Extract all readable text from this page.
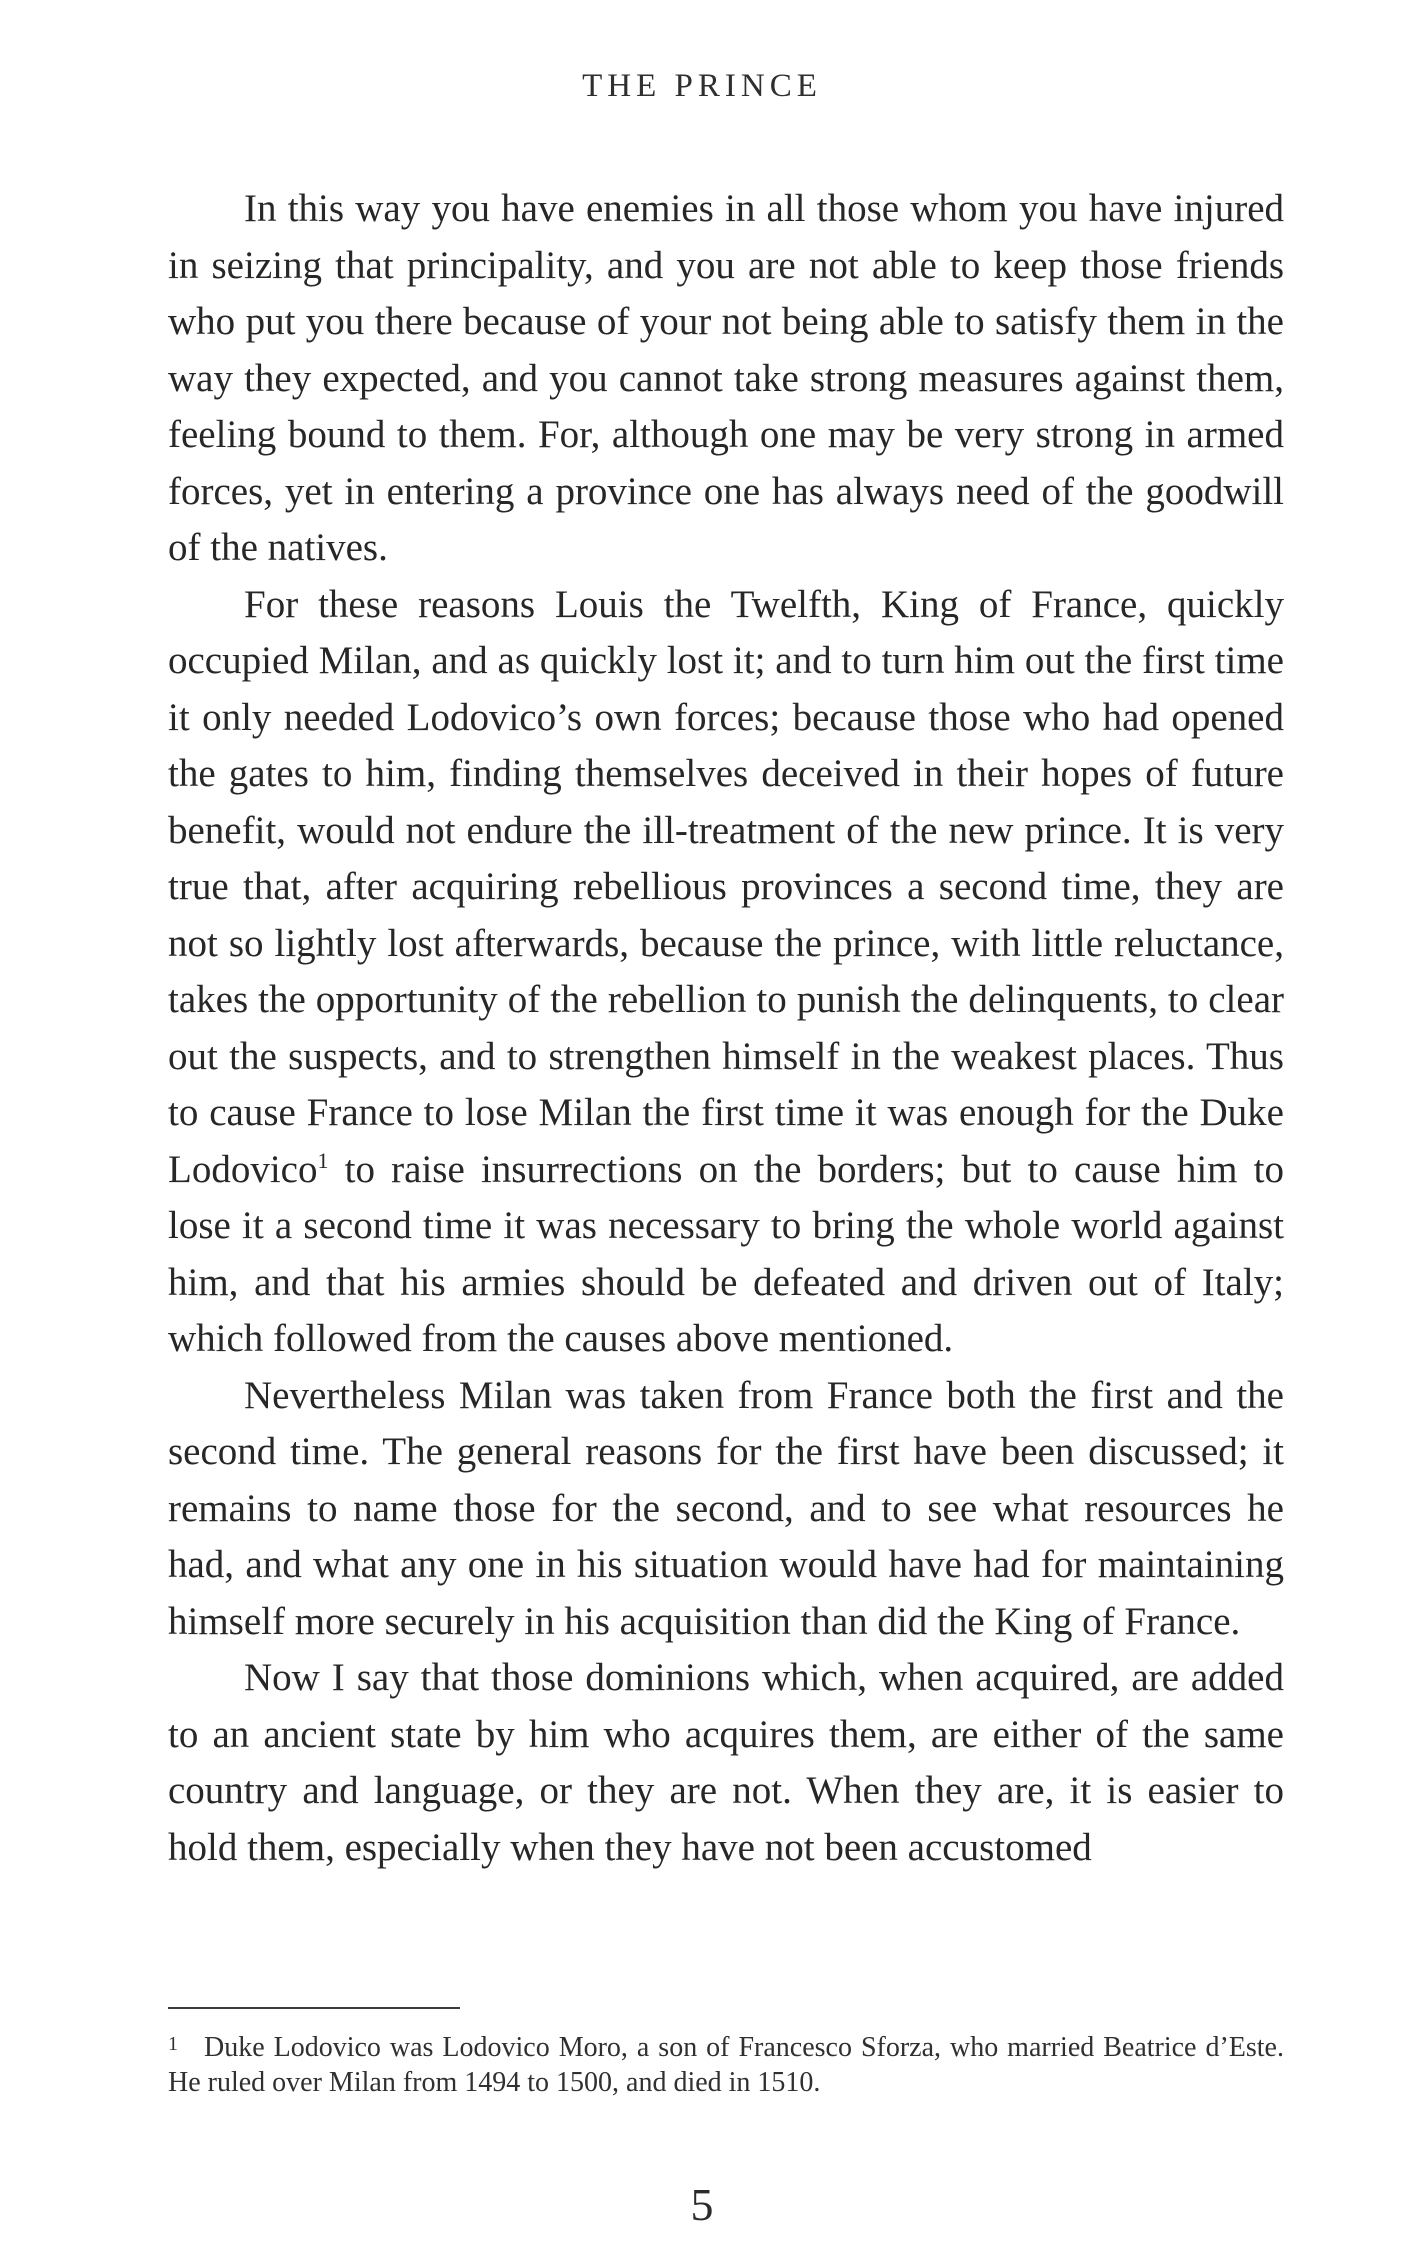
THE PRINCE

In this way you have enemies in all those whom you have injured in seizing that principality, and you are not able to keep those friends who put you there because of your not being able to satisfy them in the way they expected, and you cannot take strong measures against them, feeling bound to them. For, although one may be very strong in armed forces, yet in entering a province one has always need of the goodwill of the natives.

For these reasons Louis the Twelfth, King of France, quickly occupied Milan, and as quickly lost it; and to turn him out the first time it only needed Lodovico’s own forces; because those who had opened the gates to him, finding themselves deceived in their hopes of future benefit, would not endure the ill-treatment of the new prince. It is very true that, after acquiring rebellious provinces a second time, they are not so lightly lost afterwards, because the prince, with little reluctance, takes the opportunity of the rebellion to punish the delinquents, to clear out the suspects, and to strengthen himself in the weakest places. Thus to cause France to lose Milan the first time it was enough for the Duke Lodovico$^1$ to raise insurrections on the borders; but to cause him to lose it a second time it was necessary to bring the whole world against him, and that his armies should be defeated and driven out of Italy; which followed from the causes above mentioned.

Nevertheless Milan was taken from France both the first and the second time. The general reasons for the first have been discussed; it remains to name those for the second, and to see what resources he had, and what any one in his situation would have had for maintaining himself more securely in his acquisition than did the King of France.

Now I say that those dominions which, when acquired, are added to an ancient state by him who acquires them, are either of the same country and language, or they are not. When they are, it is easier to hold them, especially when they have not been accustomed

1 Duke Lodovico was Lodovico Moro, a son of Francesco Sforza, who married Beatrice d’Este. He ruled over Milan from 1494 to 1500, and died in 1510.
5
